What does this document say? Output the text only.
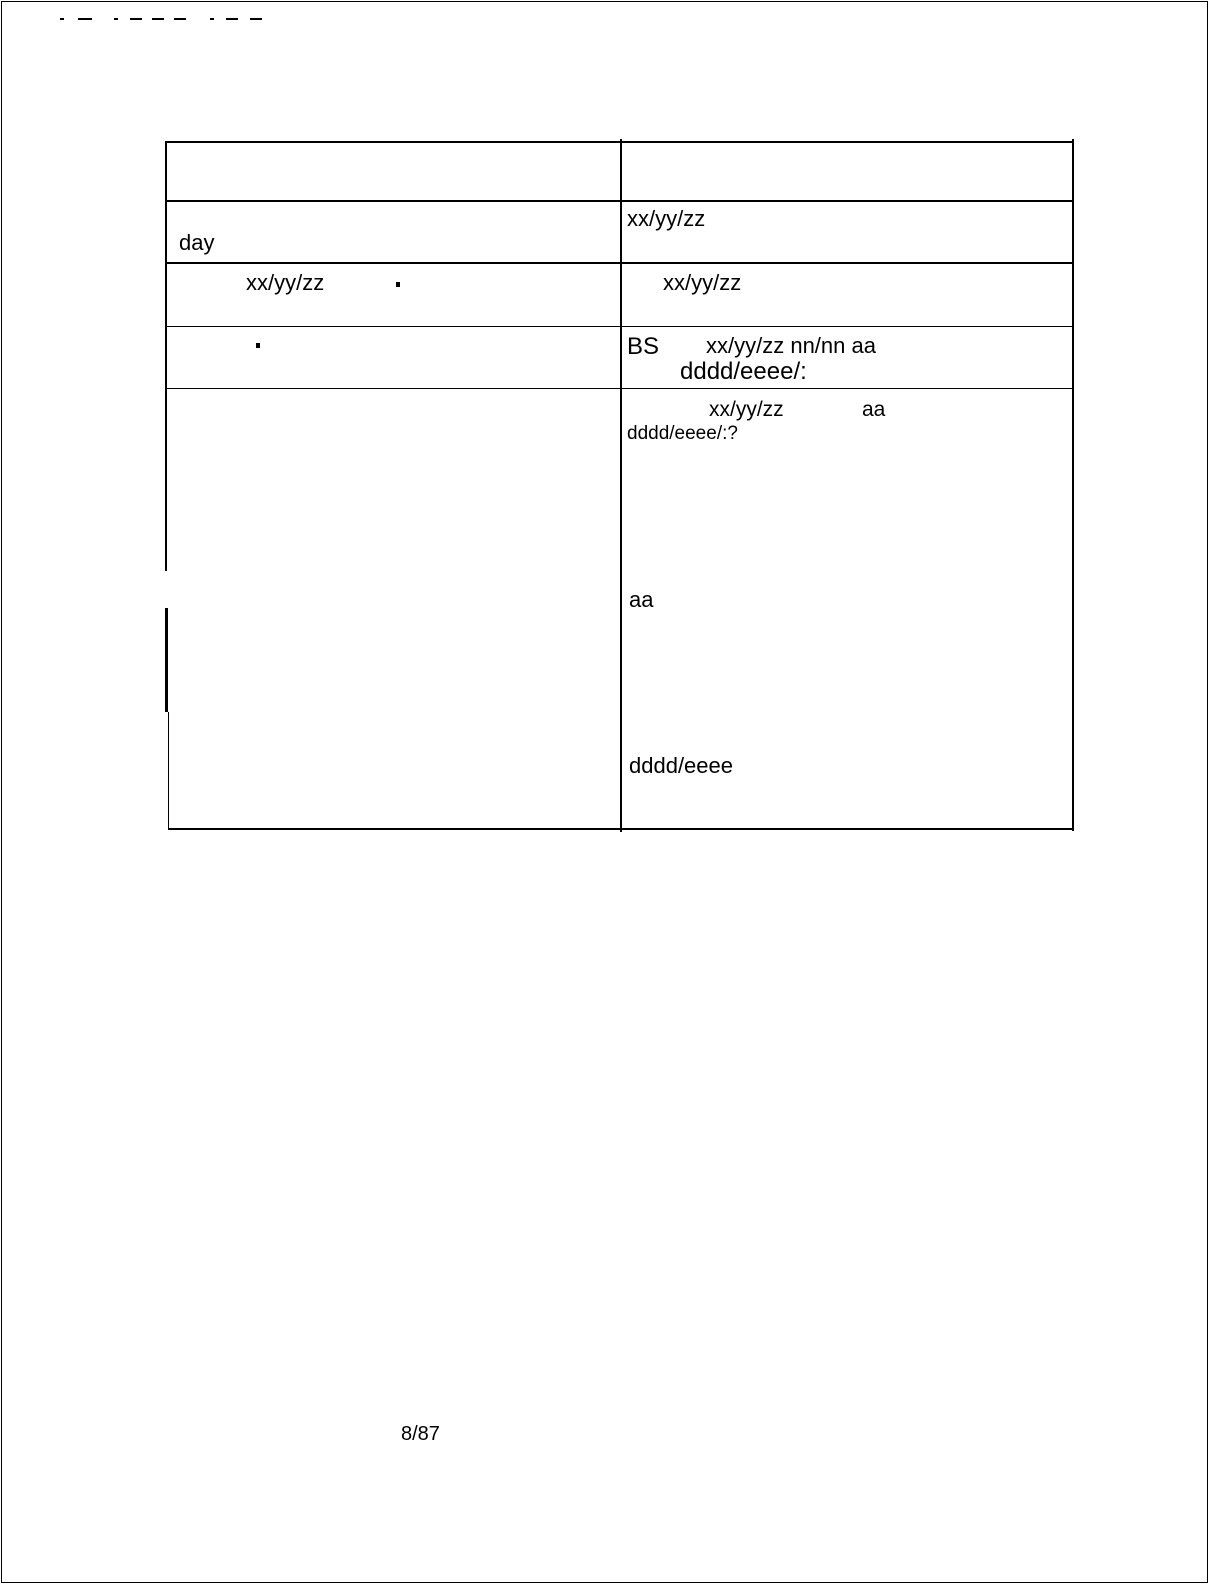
day
xx/yy/zz
xx/yy/zz	xx/yy/zz
BS xx/yy/zz nn/nn aa
dddd/eeee/:
xx/yy/zz	aa
dddd/eeee/:?
aa
dddd/eeee
8/87
